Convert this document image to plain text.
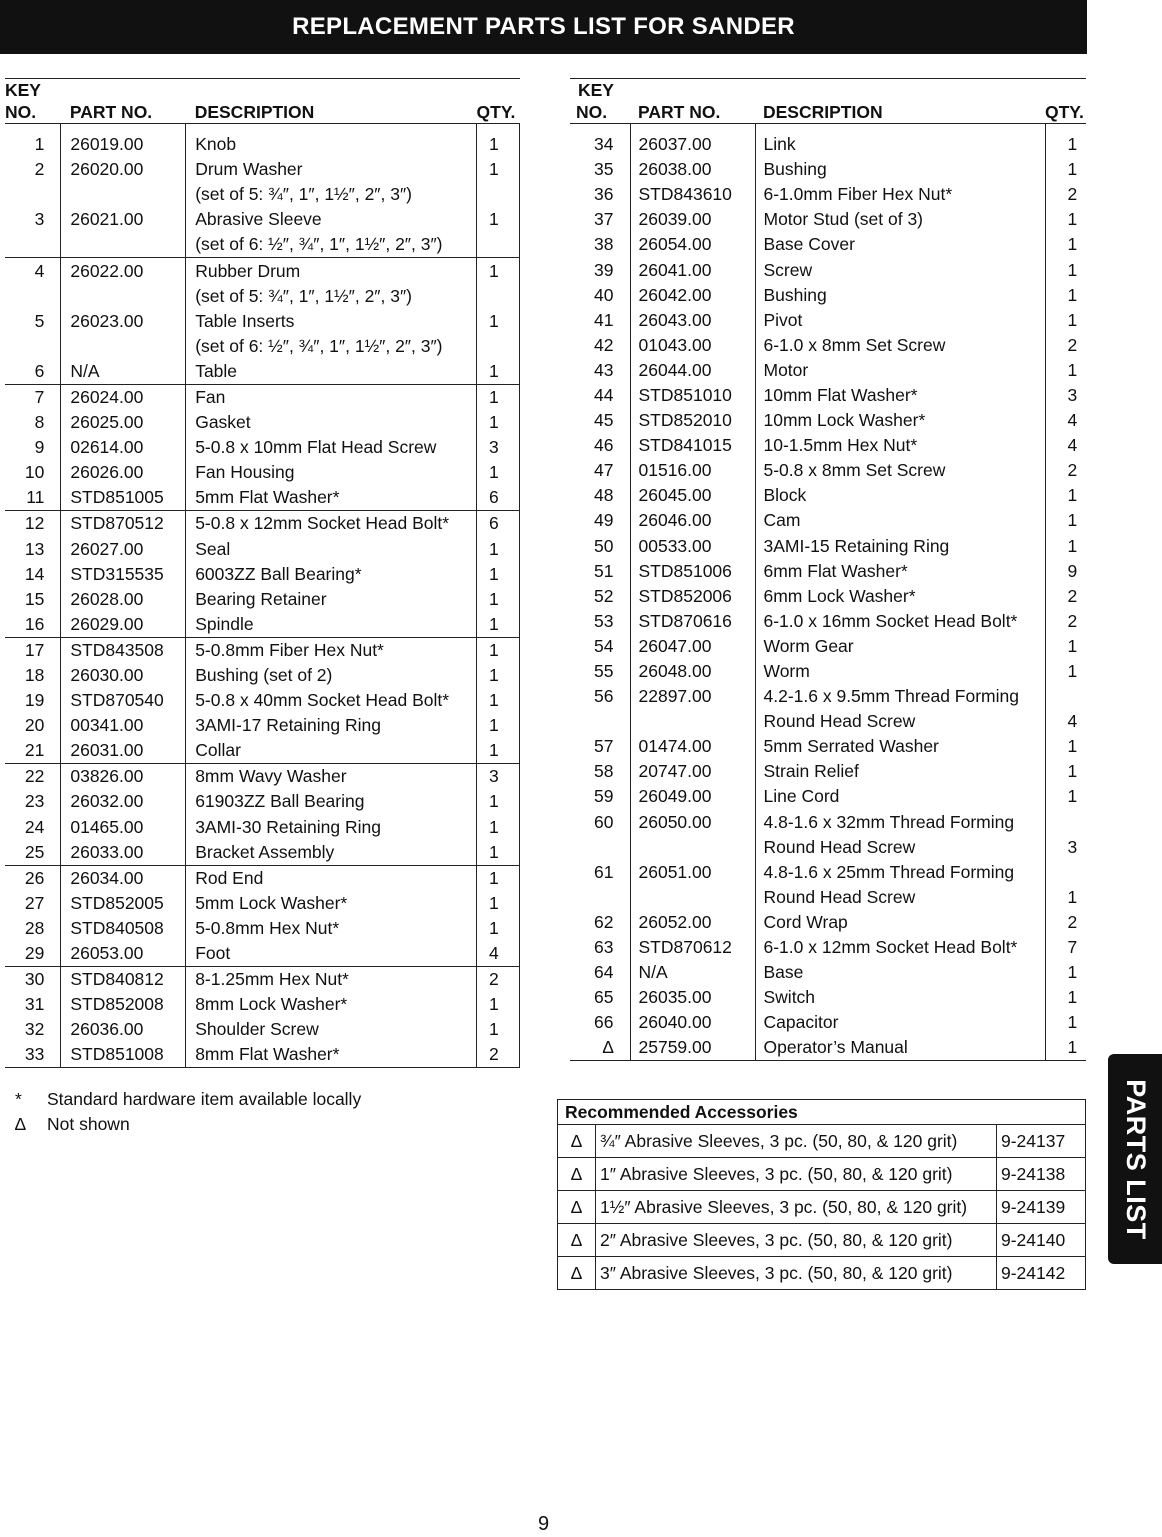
REPLACEMENT PARTS LIST FOR SANDER
KEY			
NO.	PART NO.	DESCRIPTION	QTY.
1	26019.00	Knob	1
2	26020.00	Drum Washer	1
		(set of 5: ¾″, 1″, 1½″, 2″, 3″)	
3	26021.00	Abrasive Sleeve	1
		(set of 6: ½″, ¾″, 1″, 1½″, 2″, 3″)	
4	26022.00	Rubber Drum	1
		(set of 5: ¾″, 1″, 1½″, 2″, 3″)	
5	26023.00	Table Inserts	1
		(set of 6: ½″, ¾″, 1″, 1½″, 2″, 3″)	
6	N/A	Table	1
7	26024.00	Fan	1
8	26025.00	Gasket	1
9	02614.00	5-0.8 x 10mm Flat Head Screw	3
10	26026.00	Fan Housing	1
11	STD851005	5mm Flat Washer*	6
12	STD870512	5-0.8 x 12mm Socket Head Bolt*	6
13	26027.00	Seal	1
14	STD315535	6003ZZ Ball Bearing*	1
15	26028.00	Bearing Retainer	1
16	26029.00	Spindle	1
17	STD843508	5-0.8mm Fiber Hex Nut*	1
18	26030.00	Bushing (set of 2)	1
19	STD870540	5-0.8 x 40mm Socket Head Bolt*	1
20	00341.00	3AMI-17 Retaining Ring	1
21	26031.00	Collar	1
22	03826.00	8mm Wavy Washer	3
23	26032.00	61903ZZ Ball Bearing	1
24	01465.00	3AMI-30 Retaining Ring	1
25	26033.00	Bracket Assembly	1
26	26034.00	Rod End	1
27	STD852005	5mm Lock Washer*	1
28	STD840508	5-0.8mm Hex Nut*	1
29	26053.00	Foot	4
30	STD840812	8-1.25mm Hex Nut*	2
31	STD852008	8mm Lock Washer*	1
32	26036.00	Shoulder Screw	1
33	STD851008	8mm Flat Washer*	2
KEY			
NO.	PART NO.	DESCRIPTION	QTY.
34	26037.00	Link	1
35	26038.00	Bushing	1
36	STD843610	6-1.0mm Fiber Hex Nut*	2
37	26039.00	Motor Stud (set of 3)	1
38	26054.00	Base Cover	1
39	26041.00	Screw	1
40	26042.00	Bushing	1
41	26043.00	Pivot	1
42	01043.00	6-1.0 x 8mm Set Screw	2
43	26044.00	Motor	1
44	STD851010	10mm Flat Washer*	3
45	STD852010	10mm Lock Washer*	4
46	STD841015	10-1.5mm Hex Nut*	4
47	01516.00	5-0.8 x 8mm Set Screw	2
48	26045.00	Block	1
49	26046.00	Cam	1
50	00533.00	3AMI-15 Retaining Ring	1
51	STD851006	6mm Flat Washer*	9
52	STD852006	6mm Lock Washer*	2
53	STD870616	6-1.0 x 16mm Socket Head Bolt*	2
54	26047.00	Worm Gear	1
55	26048.00	Worm	1
56	22897.00	4.2-1.6 x 9.5mm Thread Forming	
		Round Head Screw	4
57	01474.00	5mm Serrated Washer	1
58	20747.00	Strain Relief	1
59	26049.00	Line Cord	1
60	26050.00	4.8-1.6 x 32mm Thread Forming	
		Round Head Screw	3
61	26051.00	4.8-1.6 x 25mm Thread Forming	
		Round Head Screw	1
62	26052.00	Cord Wrap	2
63	STD870612	6-1.0 x 12mm Socket Head Bolt*	7
64	N/A	Base	1
65	26035.00	Switch	1
66	26040.00	Capacitor	1
∆	25759.00	Operator’s Manual	1
* Standard hardware item available locally
∆ Not shown
Recommended Accessories		
∆	¾″ Abrasive Sleeves, 3 pc. (50, 80, & 120 grit)	9-24137
∆	1″ Abrasive Sleeves, 3 pc. (50, 80, & 120 grit)	9-24138
∆	1½″ Abrasive Sleeves, 3 pc. (50, 80, & 120 grit)	9-24139
∆	2″ Abrasive Sleeves, 3 pc. (50, 80, & 120 grit)	9-24140
∆	3″ Abrasive Sleeves, 3 pc. (50, 80, & 120 grit)	9-24142
PARTS LIST
9
